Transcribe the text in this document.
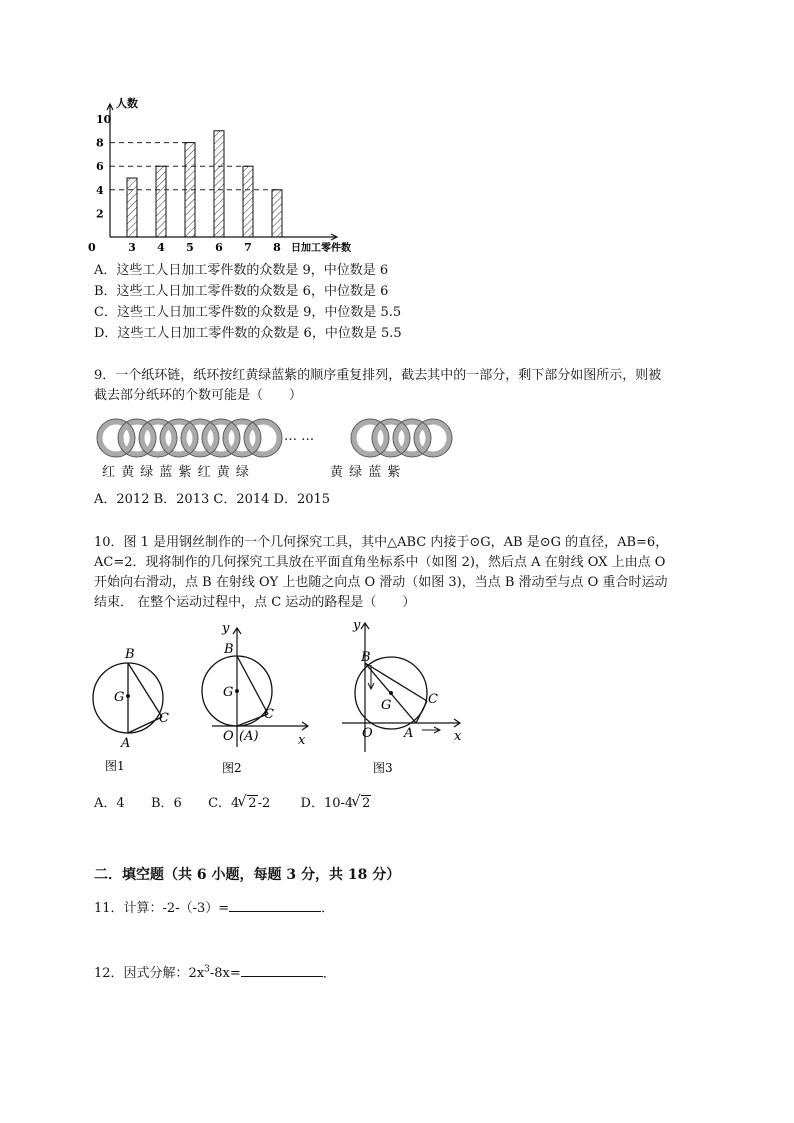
3 4 5 6 7 8
0
2
4
6
8
10
人数
日加工零件数
A．这些工人日加工零件数的众数是 9，中位数是 6
B．这些工人日加工零件数的众数是 6，中位数是 6
C．这些工人日加工零件数的众数是 9，中位数是 5.5
D．这些工人日加工零件数的众数是 6，中位数是 5.5
9．一个纸环链，纸环按红黄绿蓝紫的顺序重复排列，截去其中的一部分，剩下部分如图所示，则被
截去部分纸环的个数可能是（　　）
… …
红 黄 绿 蓝 紫 红 黄 绿	黄 绿 蓝 紫
A．2012 B．2013 C．2014 D．2015
10．图 1 是用钢丝制作的一个几何探究工具，其中△ABC 内接于⊙G，AB 是⊙G 的直径，AB=6，
AC=2．现将制作的几何探究工具放在平面直角坐标系中（如图 2)，然后点 A 在射线 OX 上由点 O
开始向右滑动，点 B 在射线 OY 上也随之向点 O 滑动（如图 3)，当点 B 滑动至与点 O 重合时运动
结束． 在整个运动过程中，点 C 运动的路程是（　　）
B
G
C
A
图1
y
B
G
C
O (A)	x
图2
y
B
G	C
O A	x
图3
A．4 B．6 C．4 √ 2-2 D．10-4 √ 2
二．填空题（共 6 小题，每题 3 分，共 18 分）
11．计算：-2-（-3）=	．
12．因式分解：$2x^3-8x=$	．
